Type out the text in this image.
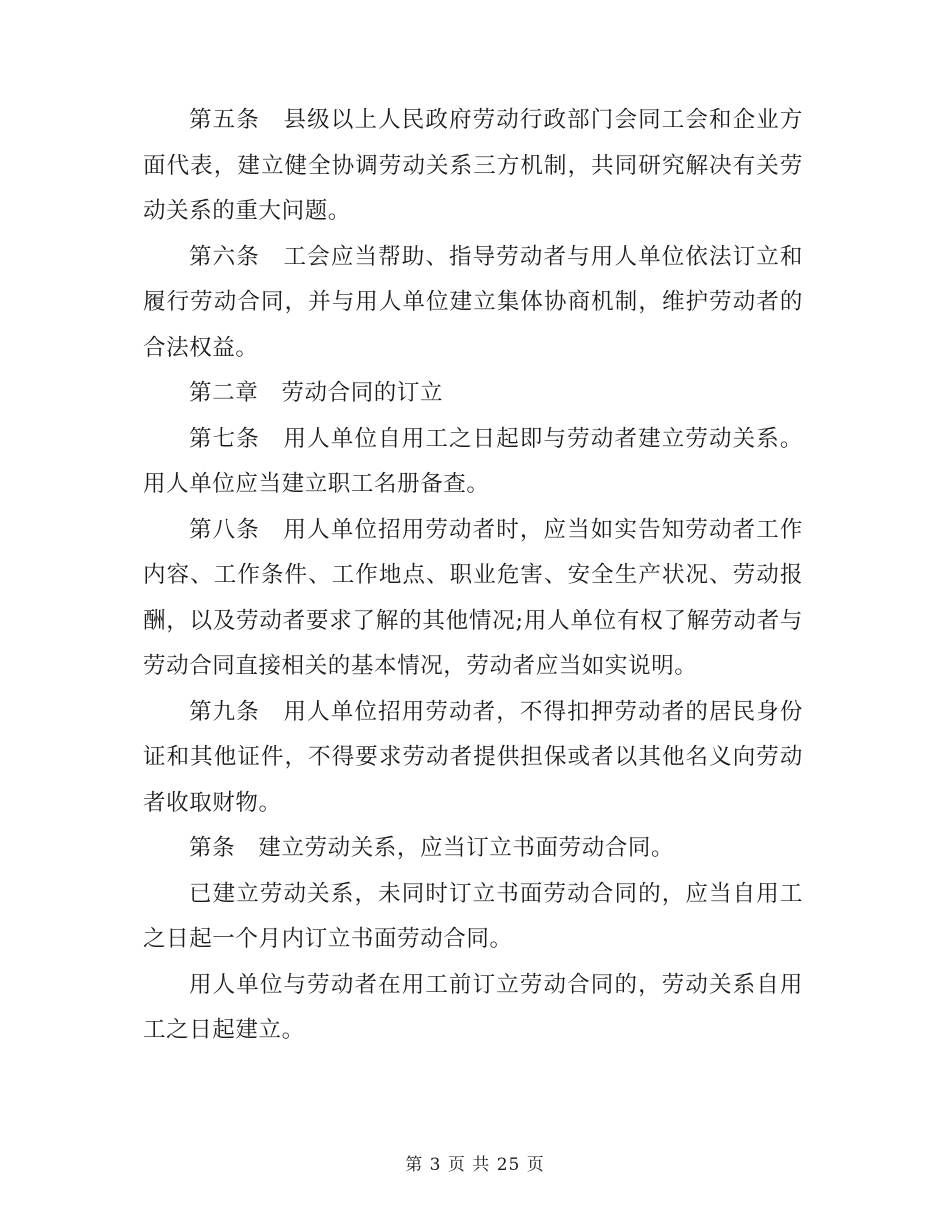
第五条　县级以上人民政府劳动行政部门会同工会和企业方面代表，建立健全协调劳动关系三方机制，共同研究解决有关劳动关系的重大问题。

第六条　工会应当帮助、指导劳动者与用人单位依法订立和履行劳动合同，并与用人单位建立集体协商机制，维护劳动者的合法权益。

第二章　劳动合同的订立

第七条　用人单位自用工之日起即与劳动者建立劳动关系。用人单位应当建立职工名册备查。

第八条　用人单位招用劳动者时，应当如实告知劳动者工作内容、工作条件、工作地点、职业危害、安全生产状况、劳动报酬，以及劳动者要求了解的其他情况;用人单位有权了解劳动者与劳动合同直接相关的基本情况，劳动者应当如实说明。

第九条　用人单位招用劳动者，不得扣押劳动者的居民身份证和其他证件，不得要求劳动者提供担保或者以其他名义向劳动者收取财物。

第条　建立劳动关系，应当订立书面劳动合同。

已建立劳动关系，未同时订立书面劳动合同的，应当自用工之日起一个月内订立书面劳动合同。

用人单位与劳动者在用工前订立劳动合同的，劳动关系自用工之日起建立。

第 3 页 共 25 页
